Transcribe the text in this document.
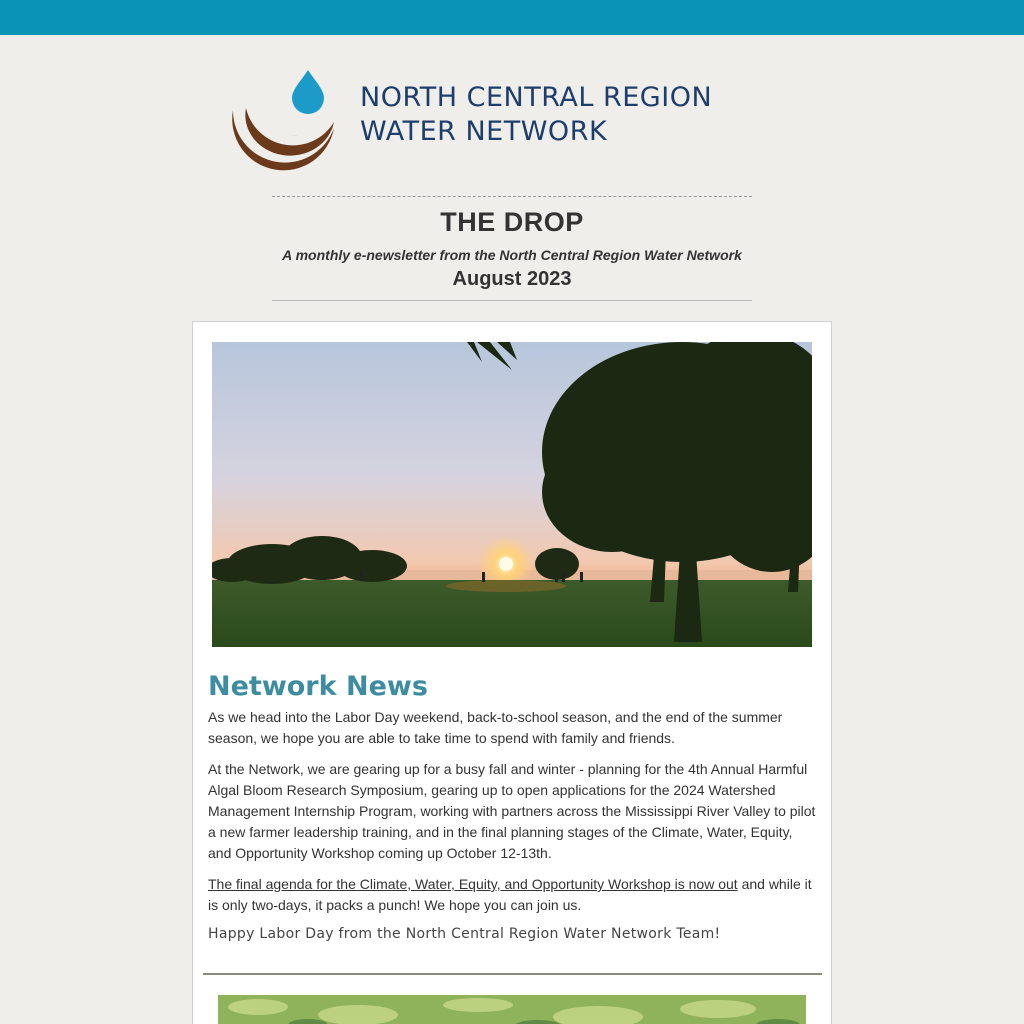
NORTH CENTRAL REGION
WATER NETWORK
THE DROP
A monthly e-newsletter from the North Central Region Water Network
August 2023
Network News

As we head into the Labor Day weekend, back-to-school season, and the end of the summer season, we hope you are able to take time to spend with family and friends.

At the Network, we are gearing up for a busy fall and winter - planning for the 4th Annual Harmful Algal Bloom Research Symposium, gearing up to open applications for the 2024 Watershed Management Internship Program, working with partners across the Mississippi River Valley to pilot a new farmer leadership training, and in the final planning stages of the Climate, Water, Equity, and Opportunity Workshop coming up October 12-13th.

The final agenda for the Climate, Water, Equity, and Opportunity Workshop is now out and while it is only two-days, it packs a punch! We hope you can join us.

Happy Labor Day from the North Central Region Water Network Team!
